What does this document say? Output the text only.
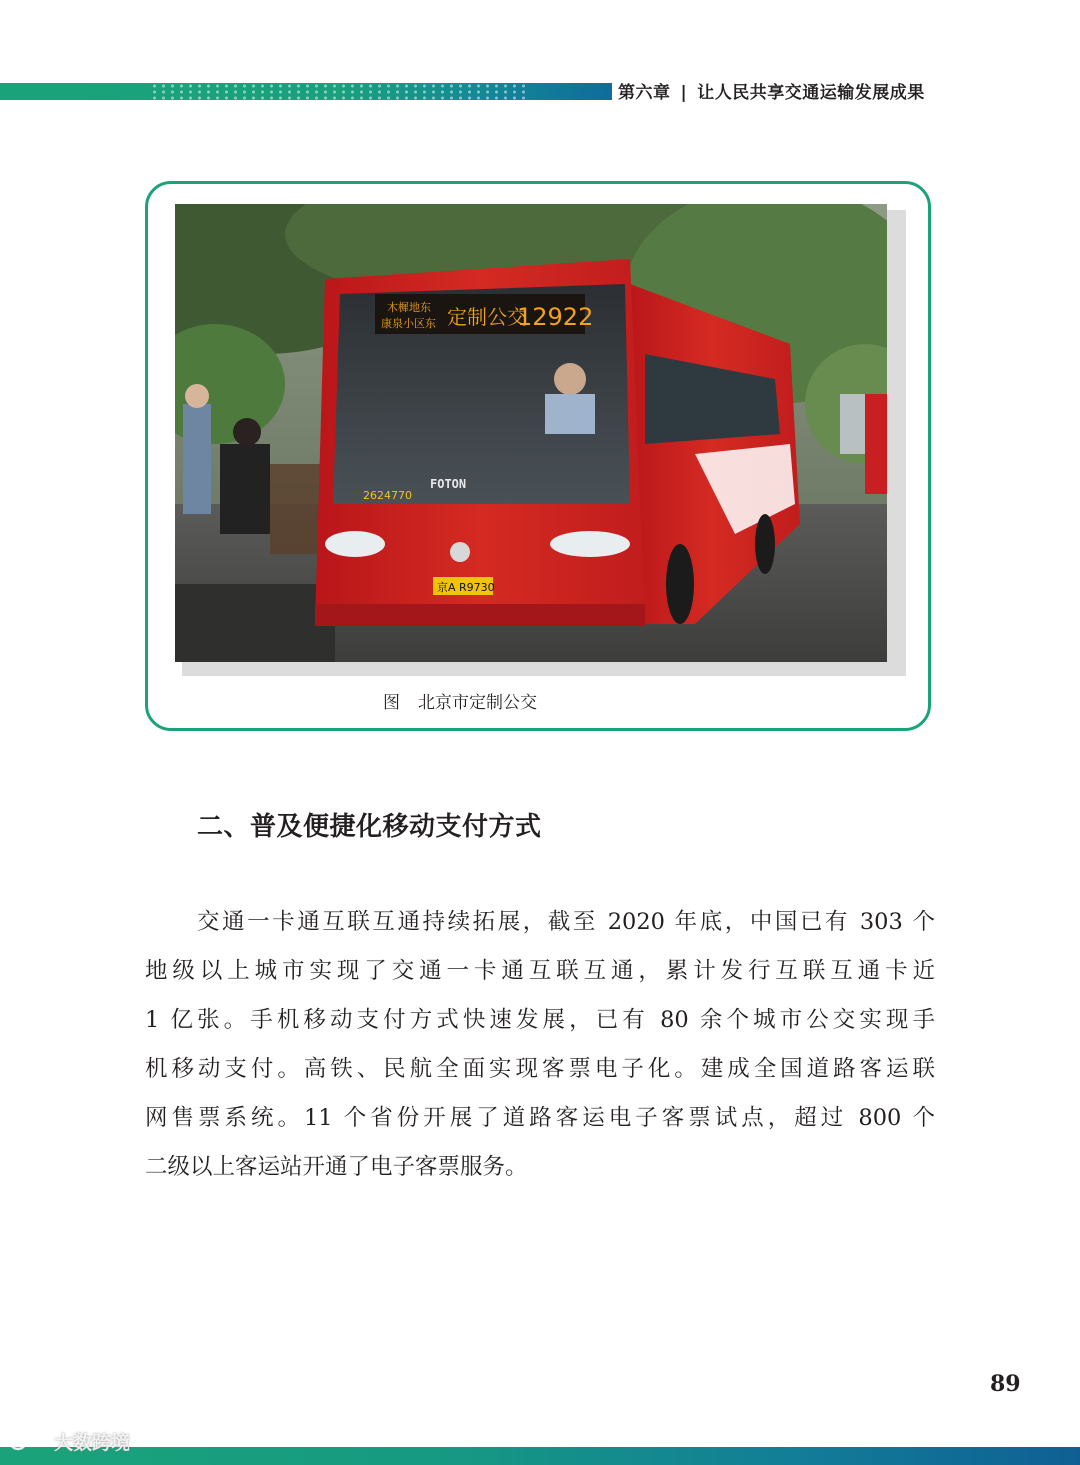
第六章 | 让人民共享交通运输发展成果
木樨地东
康泉小区东 定制公交
12922
2624770
FOTON
京A R9730
图 北京市定制公交
二、普及便捷化移动支付方式
交通一卡通互联互通持续拓展，截至 2020 年底，中国已有 303 个
地级以上城市实现了交通一卡通互联互通，累计发行互联互通卡近
1 亿张。手机移动支付方式快速发展，已有 80 余个城市公交实现手
机移动支付。高铁、民航全面实现客票电子化。建成全国道路客运联
网售票系统。11 个省份开展了道路客运电子客票试点，超过 800 个
二级以上客运站开通了电子客票服务。
89
大数跨境
